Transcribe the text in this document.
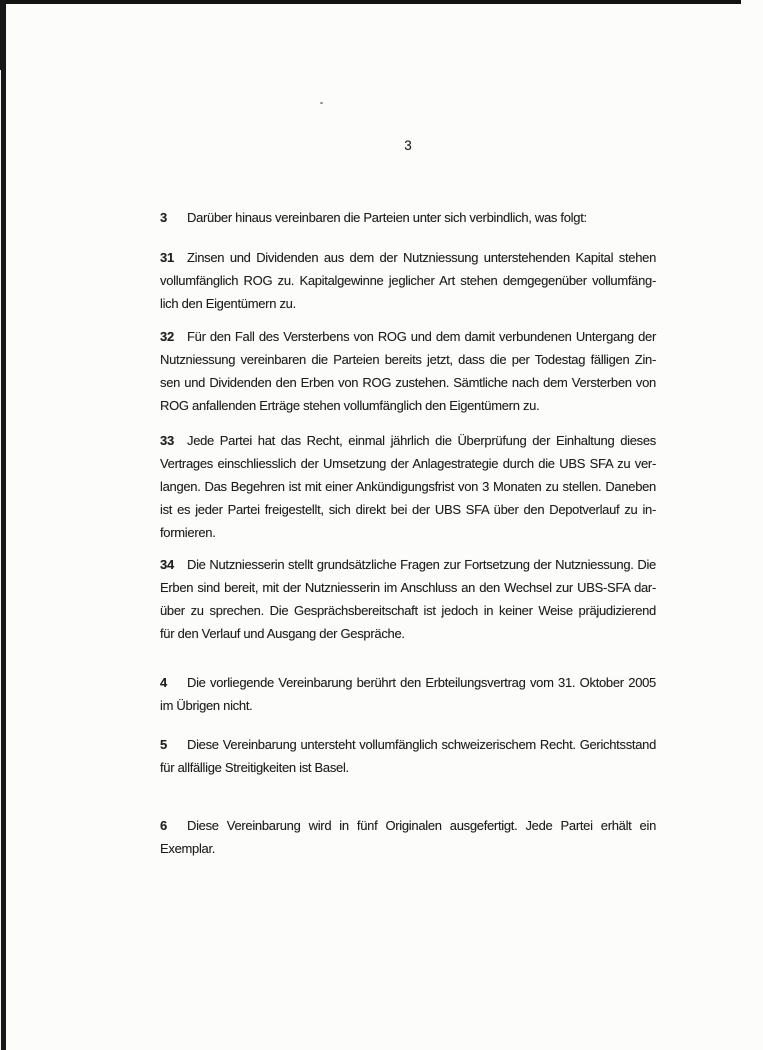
3
3 Darüber hinaus vereinbaren die Parteien unter sich verbindlich, was folgt:
31 Zinsen und Dividenden aus dem der Nutzniessung unterstehenden Kapital stehen
vollumfänglich ROG zu. Kapitalgewinne jeglicher Art stehen demgegenüber vollumfäng-
lich den Eigentümern zu.
32 Für den Fall des Versterbens von ROG und dem damit verbundenen Untergang der
Nutzniessung vereinbaren die Parteien bereits jetzt, dass die per Todestag fälligen Zin-
sen und Dividenden den Erben von ROG zustehen. Sämtliche nach dem Versterben von
ROG anfallenden Erträge stehen vollumfänglich den Eigentümern zu.
33 Jede Partei hat das Recht, einmal jährlich die Überprüfung der Einhaltung dieses
Vertrages einschliesslich der Umsetzung der Anlagestrategie durch die UBS SFA zu ver-
langen. Das Begehren ist mit einer Ankündigungsfrist von 3 Monaten zu stellen. Daneben
ist es jeder Partei freigestellt, sich direkt bei der UBS SFA über den Depotverlauf zu in-
formieren.
34 Die Nutzniesserin stellt grundsätzliche Fragen zur Fortsetzung der Nutzniessung. Die
Erben sind bereit, mit der Nutzniesserin im Anschluss an den Wechsel zur UBS-SFA dar-
über zu sprechen. Die Gesprächsbereitschaft ist jedoch in keiner Weise präjudizierend
für den Verlauf und Ausgang der Gespräche.
4 Die vorliegende Vereinbarung berührt den Erbteilungsvertrag vom 31. Oktober 2005
im Übrigen nicht.
5 Diese Vereinbarung untersteht vollumfänglich schweizerischem Recht. Gerichtsstand
für allfällige Streitigkeiten ist Basel.
6 Diese Vereinbarung wird in fünf Originalen ausgefertigt. Jede Partei erhält ein
Exemplar.
